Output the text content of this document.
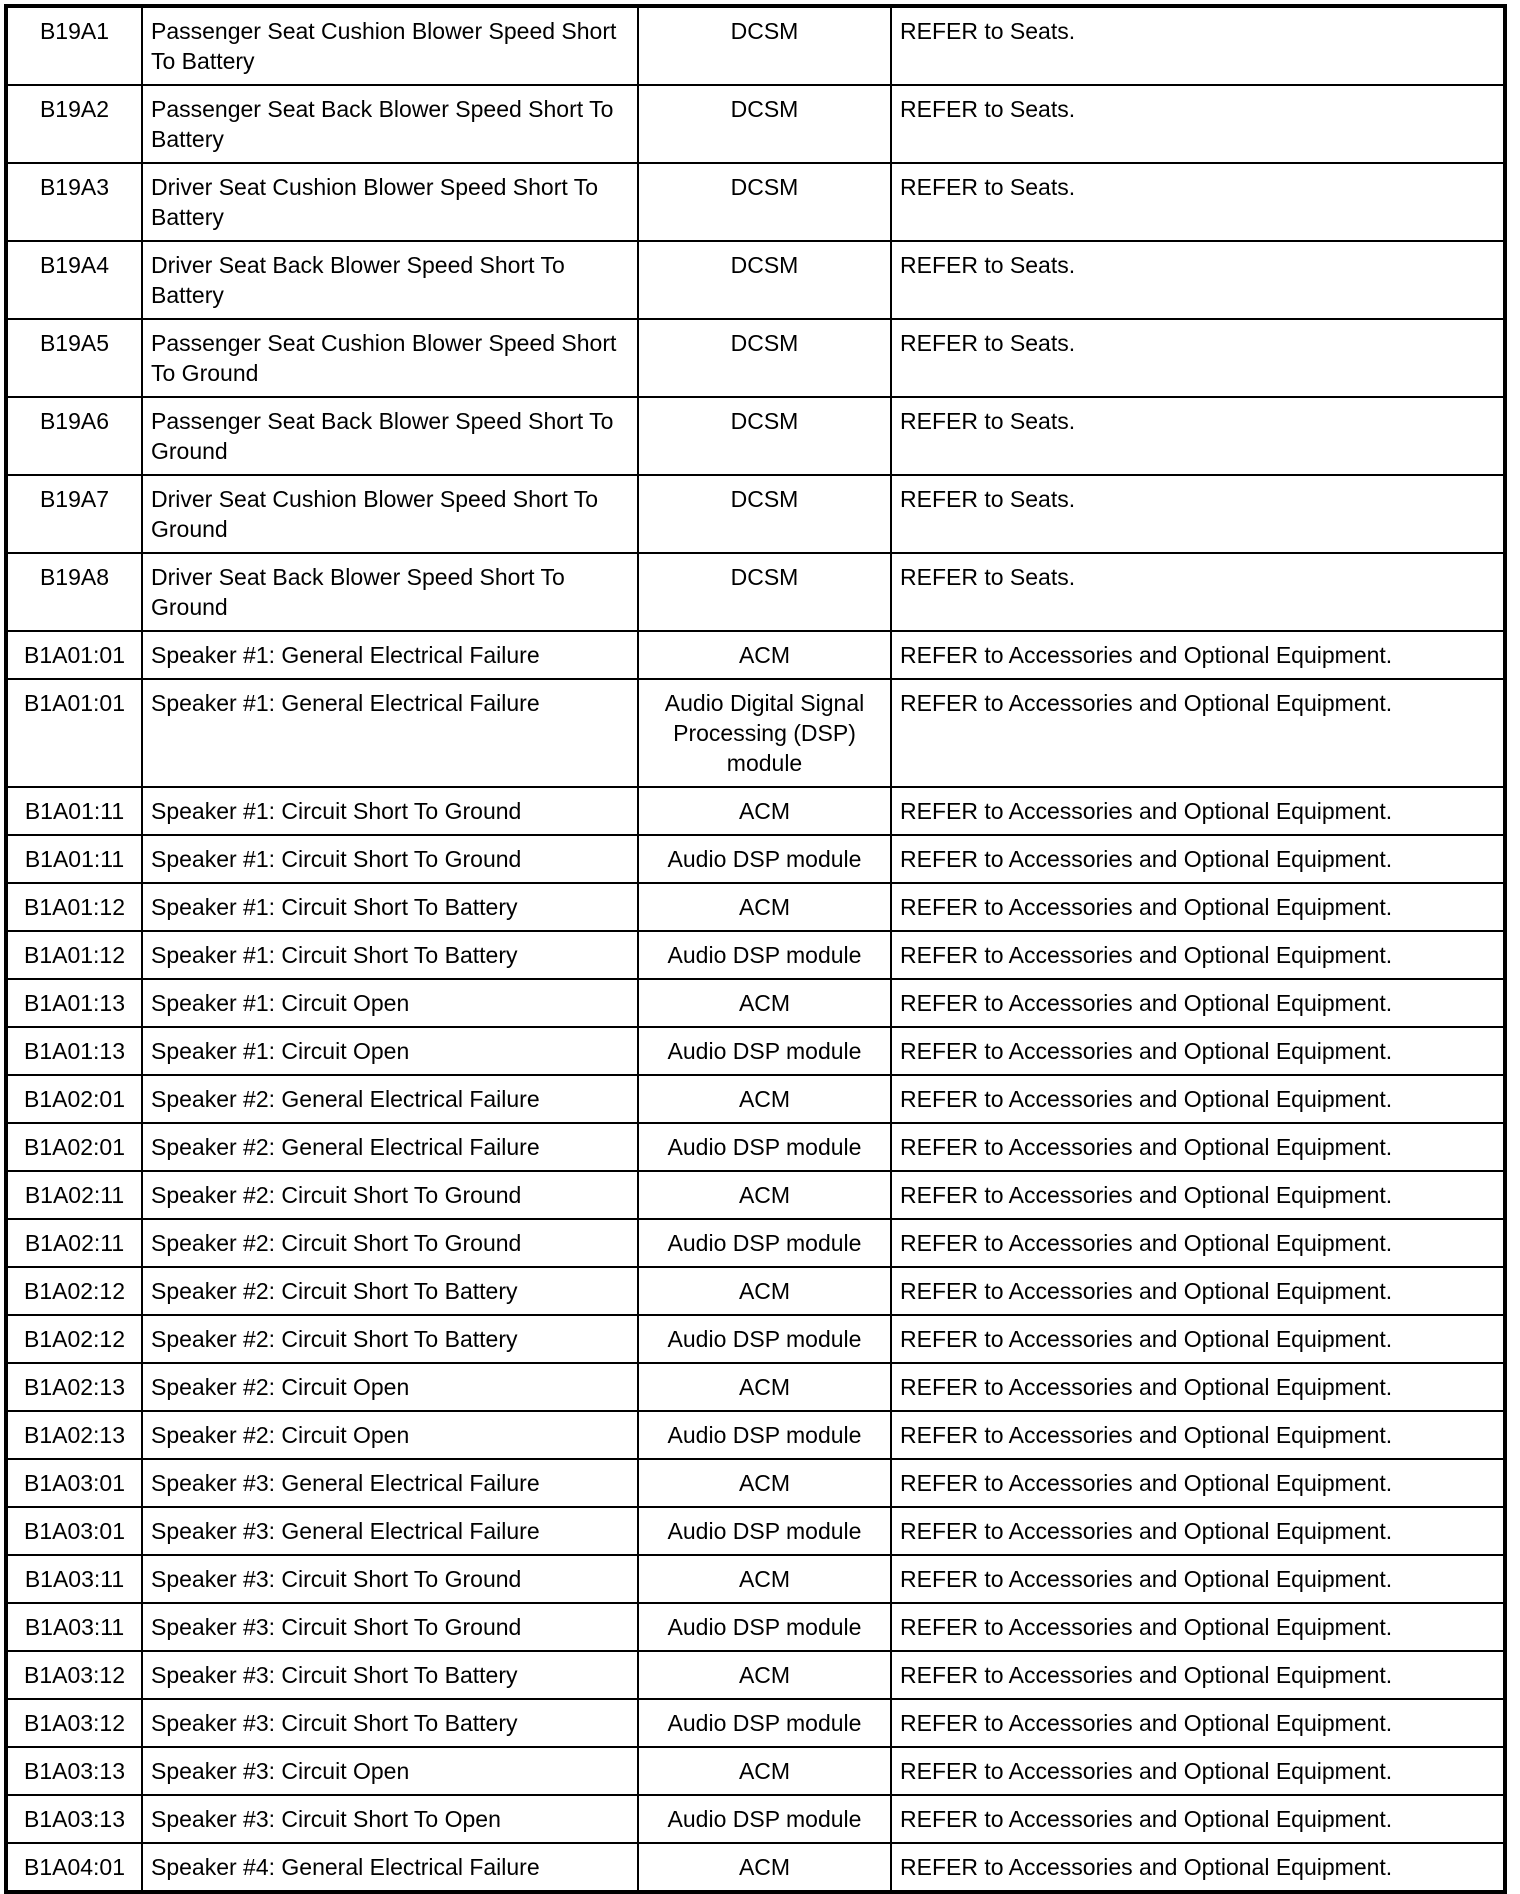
B19A1	Passenger Seat Cushion Blower Speed Short To Battery	DCSM	REFER to Seats.
B19A2	Passenger Seat Back Blower Speed Short To Battery	DCSM	REFER to Seats.
B19A3	Driver Seat Cushion Blower Speed Short To Battery	DCSM	REFER to Seats.
B19A4	Driver Seat Back Blower Speed Short To Battery	DCSM	REFER to Seats.
B19A5	Passenger Seat Cushion Blower Speed Short To Ground	DCSM	REFER to Seats.
B19A6	Passenger Seat Back Blower Speed Short To Ground	DCSM	REFER to Seats.
B19A7	Driver Seat Cushion Blower Speed Short To Ground	DCSM	REFER to Seats.
B19A8	Driver Seat Back Blower Speed Short To Ground	DCSM	REFER to Seats.
B1A01:01	Speaker #1: General Electrical Failure	ACM	REFER to Accessories and Optional Equipment.
B1A01:01	Speaker #1: General Electrical Failure	Audio Digital Signal Processing (DSP) module	REFER to Accessories and Optional Equipment.
B1A01:11	Speaker #1: Circuit Short To Ground	ACM	REFER to Accessories and Optional Equipment.
B1A01:11	Speaker #1: Circuit Short To Ground	Audio DSP module	REFER to Accessories and Optional Equipment.
B1A01:12	Speaker #1: Circuit Short To Battery	ACM	REFER to Accessories and Optional Equipment.
B1A01:12	Speaker #1: Circuit Short To Battery	Audio DSP module	REFER to Accessories and Optional Equipment.
B1A01:13	Speaker #1: Circuit Open	ACM	REFER to Accessories and Optional Equipment.
B1A01:13	Speaker #1: Circuit Open	Audio DSP module	REFER to Accessories and Optional Equipment.
B1A02:01	Speaker #2: General Electrical Failure	ACM	REFER to Accessories and Optional Equipment.
B1A02:01	Speaker #2: General Electrical Failure	Audio DSP module	REFER to Accessories and Optional Equipment.
B1A02:11	Speaker #2: Circuit Short To Ground	ACM	REFER to Accessories and Optional Equipment.
B1A02:11	Speaker #2: Circuit Short To Ground	Audio DSP module	REFER to Accessories and Optional Equipment.
B1A02:12	Speaker #2: Circuit Short To Battery	ACM	REFER to Accessories and Optional Equipment.
B1A02:12	Speaker #2: Circuit Short To Battery	Audio DSP module	REFER to Accessories and Optional Equipment.
B1A02:13	Speaker #2: Circuit Open	ACM	REFER to Accessories and Optional Equipment.
B1A02:13	Speaker #2: Circuit Open	Audio DSP module	REFER to Accessories and Optional Equipment.
B1A03:01	Speaker #3: General Electrical Failure	ACM	REFER to Accessories and Optional Equipment.
B1A03:01	Speaker #3: General Electrical Failure	Audio DSP module	REFER to Accessories and Optional Equipment.
B1A03:11	Speaker #3: Circuit Short To Ground	ACM	REFER to Accessories and Optional Equipment.
B1A03:11	Speaker #3: Circuit Short To Ground	Audio DSP module	REFER to Accessories and Optional Equipment.
B1A03:12	Speaker #3: Circuit Short To Battery	ACM	REFER to Accessories and Optional Equipment.
B1A03:12	Speaker #3: Circuit Short To Battery	Audio DSP module	REFER to Accessories and Optional Equipment.
B1A03:13	Speaker #3: Circuit Open	ACM	REFER to Accessories and Optional Equipment.
B1A03:13	Speaker #3: Circuit Short To Open	Audio DSP module	REFER to Accessories and Optional Equipment.
B1A04:01	Speaker #4: General Electrical Failure	ACM	REFER to Accessories and Optional Equipment.
